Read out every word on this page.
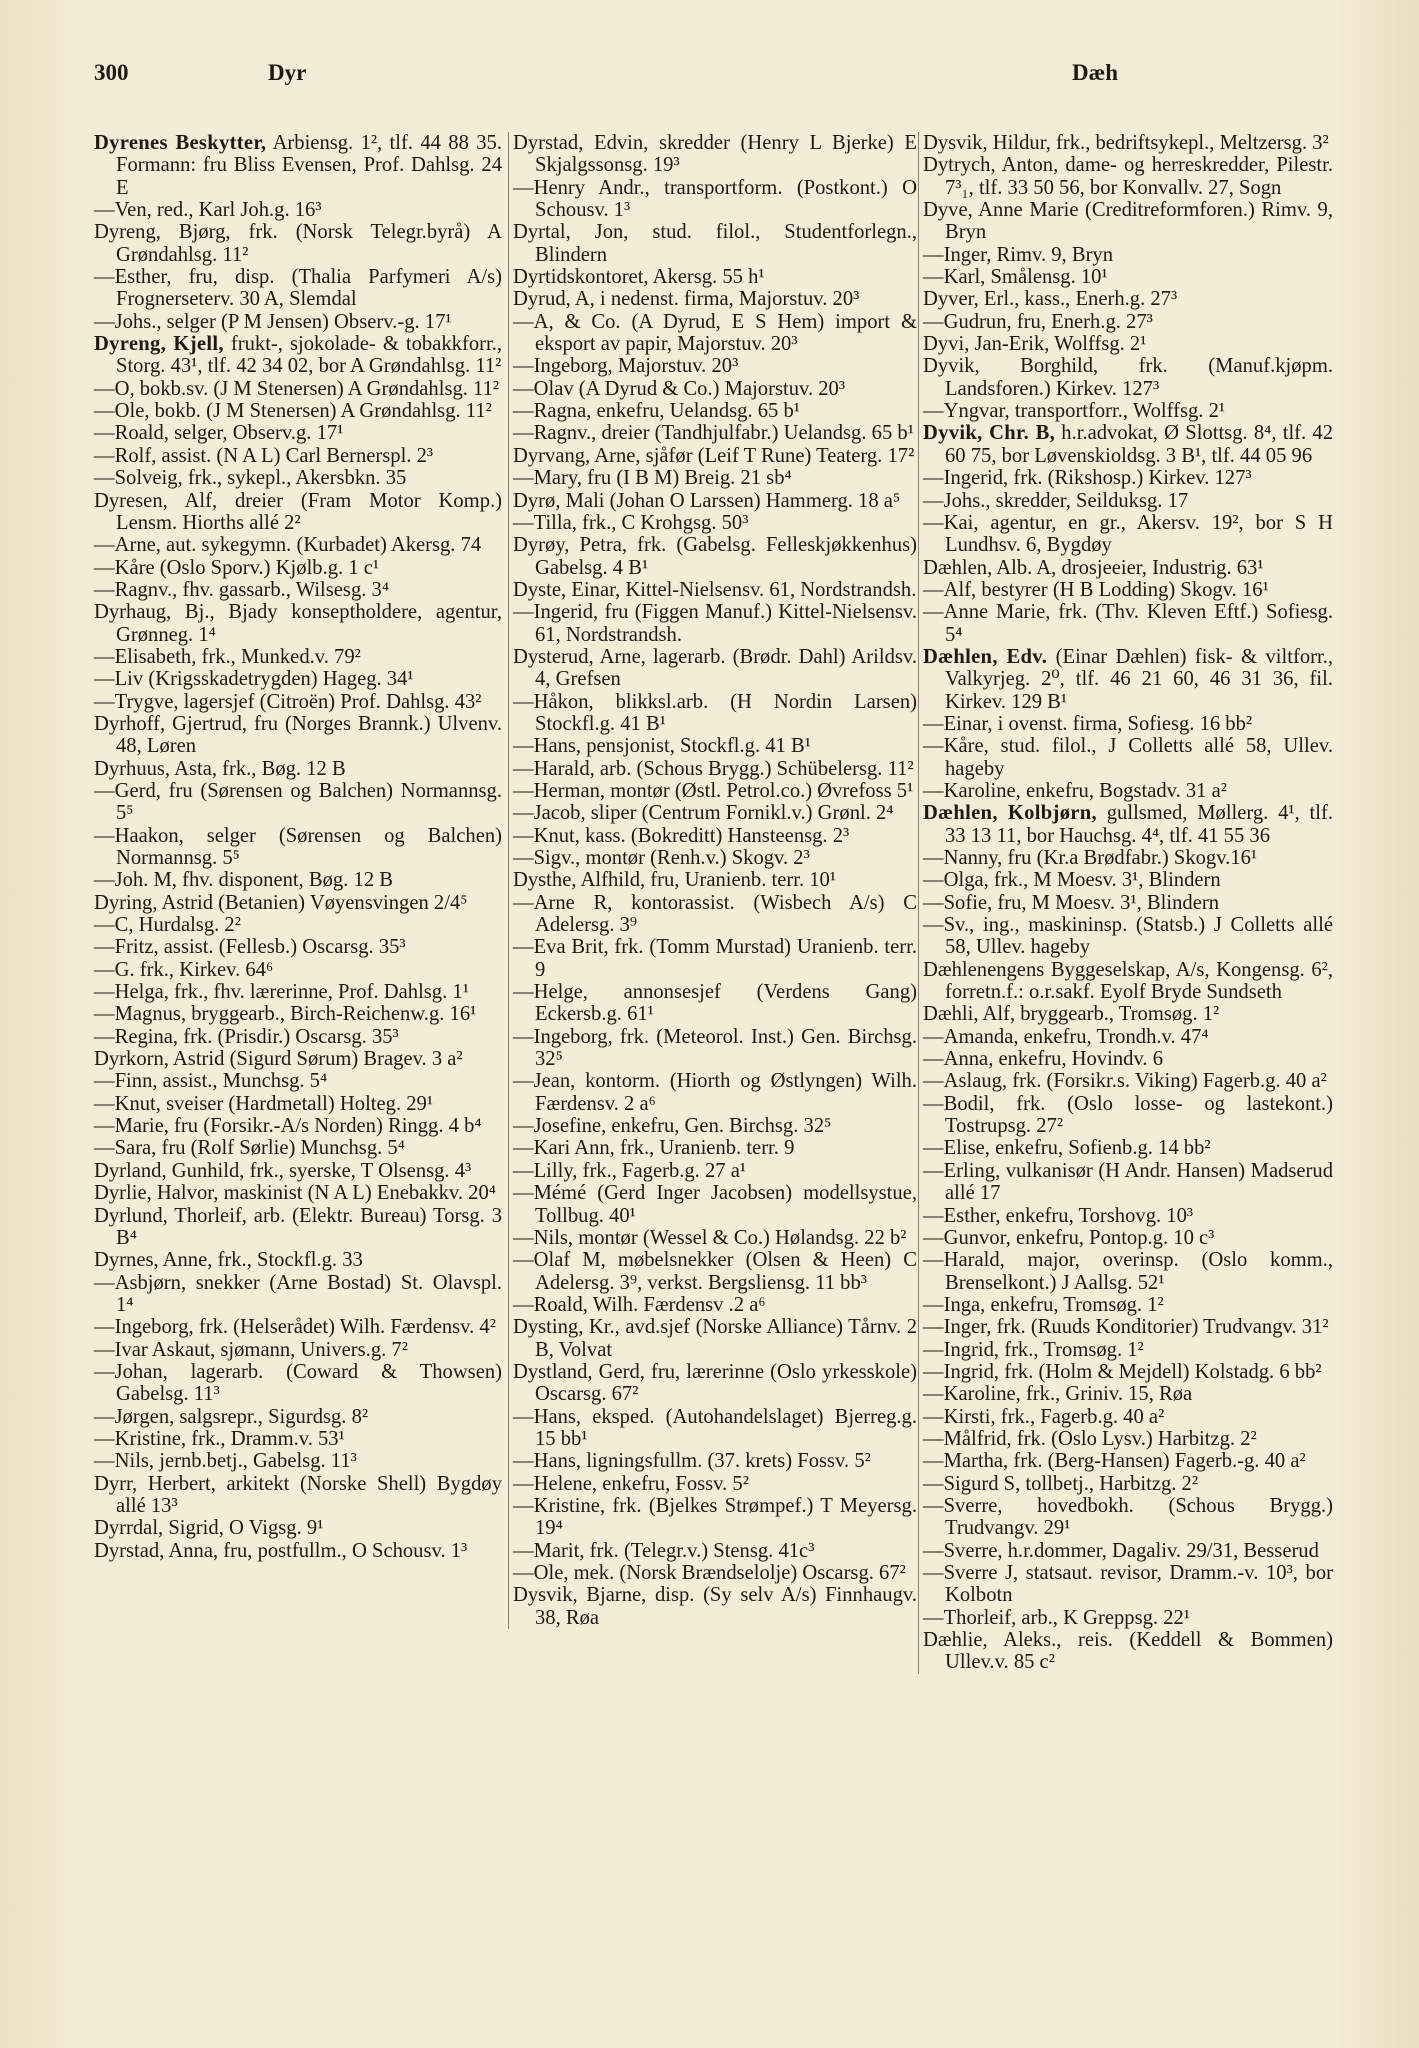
300	Dyr	Dæh

Dyrenes Beskytter, Arbiensg. 1², tlf. 44 88 35. Formann: fru Bliss Evensen, Prof. Dahlsg. 24 E

—Ven, red., Karl Joh.g. 16³

Dyreng, Bjørg, frk. (Norsk Telegr.byrå) A Grøndahlsg. 11²

—Esther, fru, disp. (Thalia Parfymeri A/s) Frognerseterv. 30 A, Slemdal

—Johs., selger (P M Jensen) Observ.-g. 17¹

Dyreng, Kjell, frukt-, sjokolade- & tobakkforr., Storg. 43¹, tlf. 42 34 02, bor A Grøndahlsg. 11²

—O, bokb.sv. (J M Stenersen) A Grøndahlsg. 11²

—Ole, bokb. (J M Stenersen) A Grøndahlsg. 11²

—Roald, selger, Observ.g. 17¹

—Rolf, assist. (N A L) Carl Bernerspl. 2³

—Solveig, frk., sykepl., Akersbkn. 35

Dyresen, Alf, dreier (Fram Motor Komp.) Lensm. Hiorths allé 2²

—Arne, aut. sykegymn. (Kurbadet) Akersg. 74

—Kåre (Oslo Sporv.) Kjølb.g. 1 c¹

—Ragnv., fhv. gassarb., Wilsesg. 3⁴

Dyrhaug, Bj., Bjady konseptholdere, agentur, Grønneg. 1⁴

—Elisabeth, frk., Munked.v. 79²

—Liv (Krigsskadetrygden) Hageg. 34¹

—Trygve, lagersjef (Citroën) Prof. Dahlsg. 43²

Dyrhoff, Gjertrud, fru (Norges Brannk.) Ulvenv. 48, Løren

Dyrhuus, Asta, frk., Bøg. 12 B

—Gerd, fru (Sørensen og Balchen) Normannsg. 5⁵

—Haakon, selger (Sørensen og Balchen) Normannsg. 5⁵

—Joh. M, fhv. disponent, Bøg. 12 B

Dyring, Astrid (Betanien) Vøyensvingen 2/4⁵

—C, Hurdalsg. 2²

—Fritz, assist. (Fellesb.) Oscarsg. 35³

—G. frk., Kirkev. 64⁶

—Helga, frk., fhv. lærerinne, Prof. Dahlsg. 1¹

—Magnus, bryggearb., Birch-Reichenw.g. 16¹

—Regina, frk. (Prisdir.) Oscarsg. 35³

Dyrkorn, Astrid (Sigurd Sørum) Bragev. 3 a²

—Finn, assist., Munchsg. 5⁴

—Knut, sveiser (Hardmetall) Holteg. 29¹

—Marie, fru (Forsikr.-A/s Norden) Ringg. 4 b⁴

—Sara, fru (Rolf Sørlie) Munchsg. 5⁴

Dyrland, Gunhild, frk., syerske, T Olsensg. 4³

Dyrlie, Halvor, maskinist (N A L) Enebakkv. 20⁴

Dyrlund, Thorleif, arb. (Elektr. Bureau) Torsg. 3 B⁴

Dyrnes, Anne, frk., Stockfl.g. 33

—Asbjørn, snekker (Arne Bostad) St. Olavspl. 1⁴

—Ingeborg, frk. (Helserådet) Wilh. Færdensv. 4²

—Ivar Askaut, sjømann, Univers.g. 7²

—Johan, lagerarb. (Coward & Thowsen) Gabelsg. 11³

—Jørgen, salgsrepr., Sigurdsg. 8²

—Kristine, frk., Dramm.v. 53¹

—Nils, jernb.betj., Gabelsg. 11³

Dyrr, Herbert, arkitekt (Norske Shell) Bygdøy allé 13³

Dyrrdal, Sigrid, O Vigsg. 9¹

Dyrstad, Anna, fru, postfullm., O Schousv. 1³

Dyrstad, Edvin, skredder (Henry L Bjerke) E Skjalgssonsg. 19³

—Henry Andr., transportform. (Postkont.) O Schousv. 1³

Dyrtal, Jon, stud. filol., Studentforlegn., Blindern

Dyrtidskontoret, Akersg. 55 h¹

Dyrud, A, i nedenst. firma, Majorstuv. 20³

—A, & Co. (A Dyrud, E S Hem) import & eksport av papir, Majorstuv. 20³

—Ingeborg, Majorstuv. 20³

—Olav (A Dyrud & Co.) Majorstuv. 20³

—Ragna, enkefru, Uelandsg. 65 b¹

—Ragnv., dreier (Tandhjulfabr.) Uelandsg. 65 b¹

Dyrvang, Arne, sjåfør (Leif T Rune) Teaterg. 17²

—Mary, fru (I B M) Breig. 21 sb⁴

Dyrø, Mali (Johan O Larssen) Hammerg. 18 a⁵

—Tilla, frk., C Krohgsg. 50³

Dyrøy, Petra, frk. (Gabelsg. Felleskjøkkenhus) Gabelsg. 4 B¹

Dyste, Einar, Kittel-Nielsensv. 61, Nordstrandsh.

—Ingerid, fru (Figgen Manuf.) Kittel-Nielsensv. 61, Nordstrandsh.

Dysterud, Arne, lagerarb. (Brødr. Dahl) Arildsv. 4, Grefsen

—Håkon, blikksl.arb. (H Nordin Larsen) Stockfl.g. 41 B¹

—Hans, pensjonist, Stockfl.g. 41 B¹

—Harald, arb. (Schous Brygg.) Schübelersg. 11²

—Herman, montør (Østl. Petrol.co.) Øvrefoss 5¹

—Jacob, sliper (Centrum Fornikl.v.) Grønl. 2⁴

—Knut, kass. (Bokreditt) Hansteensg. 2³

—Sigv., montør (Renh.v.) Skogv. 2³

Dysthe, Alfhild, fru, Uranienb. terr. 10¹

—Arne R, kontorassist. (Wisbech A/s) C Adelersg. 3⁹

—Eva Brit, frk. (Tomm Murstad) Uranienb. terr. 9

—Helge, annonsesjef (Verdens Gang) Eckersb.g. 61¹

—Ingeborg, frk. (Meteorol. Inst.) Gen. Birchsg. 32⁵

—Jean, kontorm. (Hiorth og Østlyngen) Wilh. Færdensv. 2 a⁶

—Josefine, enkefru, Gen. Birchsg. 32⁵

—Kari Ann, frk., Uranienb. terr. 9

—Lilly, frk., Fagerb.g. 27 a¹

—Mémé (Gerd Inger Jacobsen) modellsystue, Tollbug. 40¹

—Nils, montør (Wessel & Co.) Hølandsg. 22 b²

—Olaf M, møbelsnekker (Olsen & Heen) C Adelersg. 3⁹, verkst. Bergsliensg. 11 bb³

—Roald, Wilh. Færdensv .2 a⁶

Dysting, Kr., avd.sjef (Norske Alliance) Tårnv. 2 B, Volvat

Dystland, Gerd, fru, lærerinne (Oslo yrkesskole) Oscarsg. 67²

—Hans, eksped. (Autohandelslaget) Bjerreg.g. 15 bb¹

—Hans, ligningsfullm. (37. krets) Fossv. 5²

—Helene, enkefru, Fossv. 5²

—Kristine, frk. (Bjelkes Strømpef.) T Meyersg. 19⁴

—Marit, frk. (Telegr.v.) Stensg. 41c³

—Ole, mek. (Norsk Brændselolje) Oscarsg. 67²

Dysvik, Bjarne, disp. (Sy selv A/s) Finnhaugv. 38, Røa

Dysvik, Hildur, frk., bedriftsykepl., Meltzersg. 3²

Dytrych, Anton, dame- og herreskredder, Pilestr. 7³₁, tlf. 33 50 56, bor Konvallv. 27, Sogn

Dyve, Anne Marie (Creditreformforen.) Rimv. 9, Bryn

—Inger, Rimv. 9, Bryn

—Karl, Smålensg. 10¹

Dyver, Erl., kass., Enerh.g. 27³

—Gudrun, fru, Enerh.g. 27³

Dyvi, Jan-Erik, Wolffsg. 2¹

Dyvik, Borghild, frk. (Manuf.kjøpm. Landsforen.) Kirkev. 127³

—Yngvar, transportforr., Wolffsg. 2¹

Dyvik, Chr. B, h.r.advokat, Ø Slottsg. 8⁴, tlf. 42 60 75, bor Løvenskioldsg. 3 B¹, tlf. 44 05 96

—Ingerid, frk. (Rikshosp.) Kirkev. 127³

—Johs., skredder, Seilduksg. 17

—Kai, agentur, en gr., Akersv. 19², bor S H Lundhsv. 6, Bygdøy

Dæhlen, Alb. A, drosjeeier, Industrig. 63¹

—Alf, bestyrer (H B Lodding) Skogv. 16¹

—Anne Marie, frk. (Thv. Kleven Eftf.) Sofiesg. 5⁴

Dæhlen, Edv. (Einar Dæhlen) fisk- & viltforr., Valkyrjeg. 2⁰, tlf. 46 21 60, 46 31 36, fil. Kirkev. 129 B¹

—Einar, i ovenst. firma, Sofiesg. 16 bb²

—Kåre, stud. filol., J Colletts allé 58, Ullev. hageby

—Karoline, enkefru, Bogstadv. 31 a²

Dæhlen, Kolbjørn, gullsmed, Møllerg. 4¹, tlf. 33 13 11, bor Hauchsg. 4⁴, tlf. 41 55 36

—Nanny, fru (Kr.a Brødfabr.) Skogv.16¹

—Olga, frk., M Moesv. 3¹, Blindern

—Sofie, fru, M Moesv. 3¹, Blindern

—Sv., ing., maskininsp. (Statsb.) J Colletts allé 58, Ullev. hageby

Dæhlenengens Byggeselskap, A/s, Kongensg. 6², forretn.f.: o.r.sakf. Eyolf Bryde Sundseth

Dæhli, Alf, bryggearb., Tromsøg. 1²

—Amanda, enkefru, Trondh.v. 47⁴

—Anna, enkefru, Hovindv. 6

—Aslaug, frk. (Forsikr.s. Viking) Fagerb.g. 40 a²

—Bodil, frk. (Oslo losse- og lastekont.) Tostrupsg. 27²

—Elise, enkefru, Sofienb.g. 14 bb²

—Erling, vulkanisør (H Andr. Hansen) Madserud allé 17

—Esther, enkefru, Torshovg. 10³

—Gunvor, enkefru, Pontop.g. 10 c³

—Harald, major, overinsp. (Oslo komm., Brenselkont.) J Aallsg. 52¹

—Inga, enkefru, Tromsøg. 1²

—Inger, frk. (Ruuds Konditorier) Trudvangv. 31²

—Ingrid, frk., Tromsøg. 1²

—Ingrid, frk. (Holm & Mejdell) Kolstadg. 6 bb²

—Karoline, frk., Griniv. 15, Røa

—Kirsti, frk., Fagerb.g. 40 a²

—Målfrid, frk. (Oslo Lysv.) Harbitzg. 2²

—Martha, frk. (Berg-Hansen) Fagerb.-g. 40 a²

—Sigurd S, tollbetj., Harbitzg. 2²

—Sverre, hovedbokh. (Schous Brygg.) Trudvangv. 29¹

—Sverre, h.r.dommer, Dagaliv. 29/31, Besserud

—Sverre J, statsaut. revisor, Dramm.-v. 10³, bor Kolbotn

—Thorleif, arb., K Greppsg. 22¹

Dæhlie, Aleks., reis. (Keddell & Bommen) Ullev.v. 85 c²
